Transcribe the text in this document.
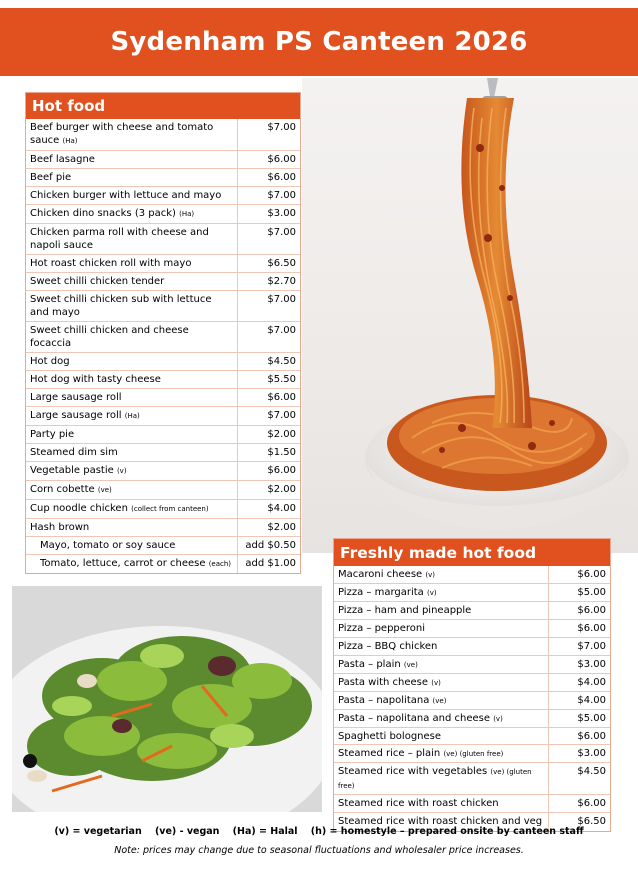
Sydenham PS Canteen 2026
Hot food
Beef burger with cheese and tomato sauce (Ha)	$7.00
Beef lasagne	$6.00
Beef pie	$6.00
Chicken burger with lettuce and mayo	$7.00
Chicken dino snacks (3 pack) (Ha)	$3.00
Chicken parma roll with cheese and napoli sauce	$7.00
Hot roast chicken roll with mayo	$6.50
Sweet chilli chicken tender	$2.70
Sweet chilli chicken sub with lettuce and mayo	$7.00
Sweet chilli chicken and cheese focaccia	$7.00
Hot dog	$4.50
Hot dog with tasty cheese	$5.50
Large sausage roll	$6.00
Large sausage roll (Ha)	$7.00
Party pie	$2.00
Steamed dim sim	$1.50
Vegetable pastie (v)	$6.00
Corn cobette (ve)	$2.00
Cup noodle chicken (collect from canteen)	$4.00
Hash brown	$2.00
Mayo, tomato or soy sauce	add $0.50
Tomato, lettuce, carrot or cheese (each)	add $1.00
Freshly made hot food
Macaroni cheese (v)	$6.00
Pizza – margarita (v)	$5.00
Pizza – ham and pineapple	$6.00
Pizza – pepperoni	$6.00
Pizza – BBQ chicken	$7.00
Pasta – plain (ve)	$3.00
Pasta with cheese (v)	$4.00
Pasta – napolitana (ve)	$4.00
Pasta – napolitana and cheese (v)	$5.00
Spaghetti bolognese	$6.00
Steamed rice – plain (ve) (gluten free)	$3.00
Steamed rice with vegetables (ve) (gluten free)	$4.50
Steamed rice with roast chicken	$6.00
Steamed rice with roast chicken and veg	$6.50
(v) = vegetarian    (ve) - vegan    (Ha) = Halal    (h) = homestyle – prepared onsite by canteen staff
Note: prices may change due to seasonal fluctuations and wholesaler price increases.
